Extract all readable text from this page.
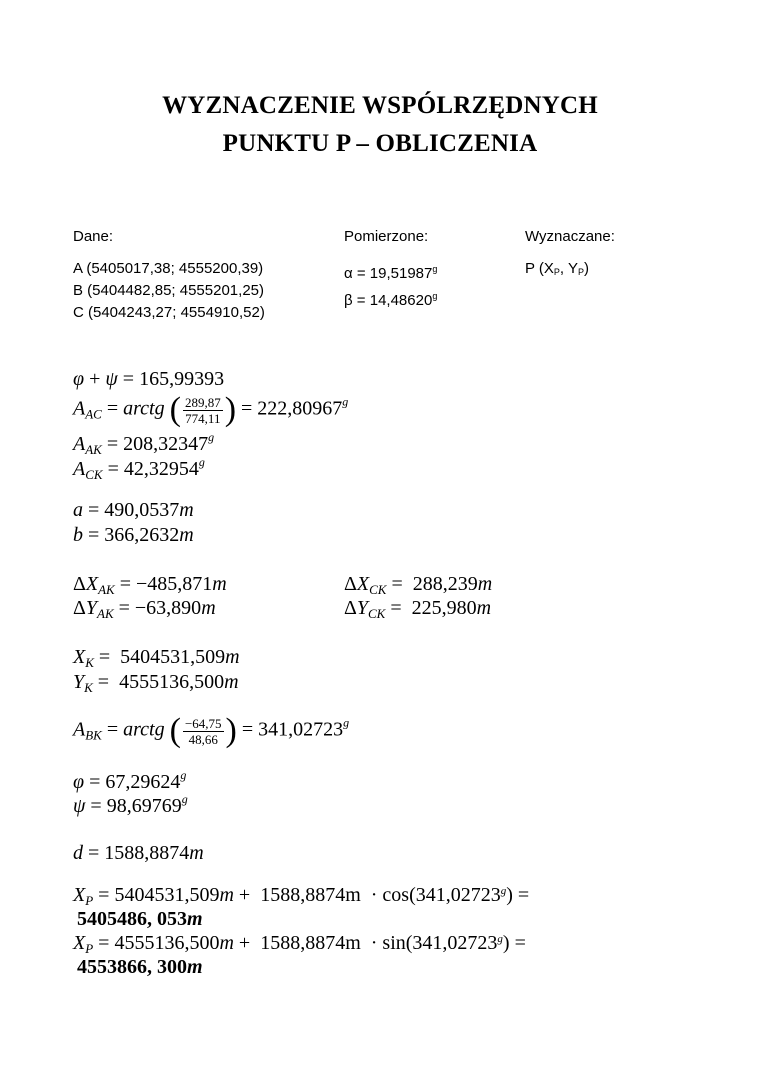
WYZNACZENIE WSPÓLRZĘDNYCH
PUNKTU P – OBLICZENIA
Dane:	Pomierzone:	Wyznaczane:
A (5405017,38; 4555200,39)
B (5404482,85; 4555201,25)
C (5404243,27; 4554910,52)
α = 19,51987$^g$
β = 14,48620$^g$
P ($X_P$, $Y_P$)
φ + ψ = 165,99393
$A_{AC}$ = arctg ( $\frac{289,87}{774,11}$ ) = 222,80967$^g$
$A_{AK} = 208,32347^g$
$A_{CK} = 42,32954^g$
a = 490,0537m
b = 366,2632m
$\Delta X_{AK} = -485,871m$
$\Delta Y_{AK} = -63,890m$
$\Delta X_{CK} = 288,239m$
$\Delta Y_{CK} = 225,980m$
$X_K = 5404531,509m$
$Y_K = 4555136,500m$
$A_{BK}$ = arctg ( $\frac{-64,75}{48,66}$ ) = 341,02723$^g$
φ = 67,29624$^g$
ψ = 98,69769$^g$
d = 1588,8874m
$X_P = 5404531,509m + 1588,8874m \cdot \cos(341,02723^g)$ =
5405486, 053m
$X_P = 4555136,500m + 1588,8874m \cdot \sin(341,02723^g)$ =
4553866, 300m
